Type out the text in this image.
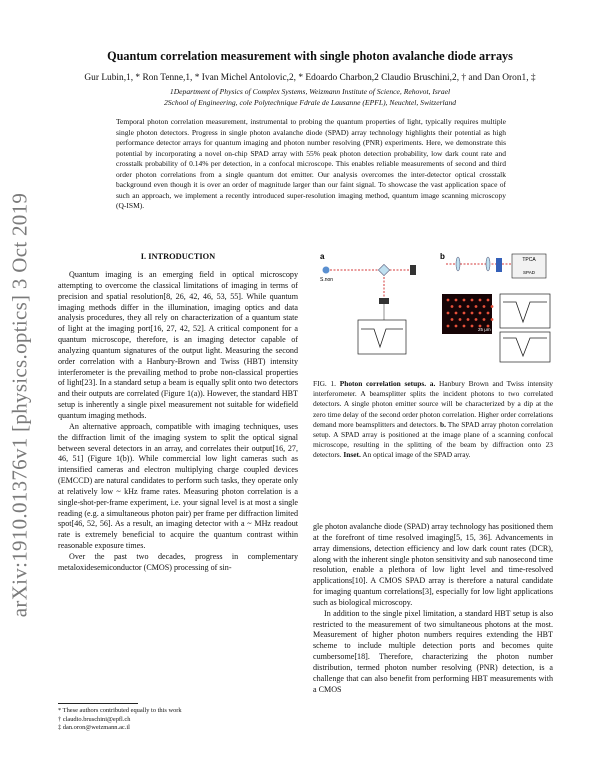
arXiv:1910.01376v1 [physics.optics] 3 Oct 2019
Quantum correlation measurement with single photon avalanche diode arrays
Gur Lubin,1, * Ron Tenne,1, * Ivan Michel Antolovic,2, * Edoardo Charbon,2 Claudio Bruschini,2, † and Dan Oron1, ‡
1Department of Physics of Complex Systems, Weizmann Institute of Science, Rehovot, Israel
2School of Engineering, cole Polytechnique Fdrale de Lausanne (EPFL), Neuchtel, Switzerland
Temporal photon correlation measurement, instrumental to probing the quantum properties of light, typically requires multiple single photon detectors. Progress in single photon avalanche diode (SPAD) array technology highlights their potential as high performance detector arrays for quantum imaging and photon number resolving (PNR) experiments. Here, we demonstrate this potential by incorporating a novel on-chip SPAD array with 55% peak photon detection probability, low dark count rate and crosstalk probability of 0.14% per detection, in a confocal microscope. This enables reliable measurements of second and third order photon correlations from a single quantum dot emitter. Our analysis overcomes the inter-detector optical crosstalk background even though it is over an order of magnitude larger than our faint signal. To showcase the vast application space of such an approach, we implement a recently introduced super-resolution imaging method, quantum image scanning microscopy (Q-ISM).
I. INTRODUCTION

Quantum imaging is an emerging field in optical microscopy attempting to overcome the classical limitations of imaging in terms of precision and spatial resolution[8, 26, 42, 46, 53, 55]. While quantum imaging methods differ in the illumination, imaging optics and data analysis procedures, they all rely on characterization of a quantum state of light at the imaging port[16, 27, 42, 52]. A critical component for a quantum microscope, therefore, is an imaging detector capable of analyzing quantum signatures of the output light. Measuring the second order correlation with a Hanbury-Brown and Twiss (HBT) intensity interferometer is the prevailing method to probe non-classical properties of light[23]. In a standard setup a beam is equally split onto two detectors and their outputs are correlated (Figure 1(a)). However, the standard HBT setup is inherently a single pixel measurement not suitable for widefield quantum imaging methods.

An alternative approach, compatible with imaging techniques, uses the diffraction limit of the imaging system to split the optical signal between several detectors in an array, and correlates their output[16, 27, 46, 51] (Figure 1(b)). While commercial low light cameras such as intensified cameras and electron multiplying charge coupled devices (EMCCD) are natural candidates to perform such tasks, they operate only at relatively low ~ kHz frame rates. Measuring photon correlation is a single-shot-per-frame experiment, i.e. your signal level is at most a single reading (e.g. a simultaneous photon pair) per frame per diffraction limited spot[46, 52, 56]. As a result, an imaging detector with a ~ MHz readout rate is extremely beneficial to acquire the quantum contrast within reasonable exposure times.

Over the past two decades, progress in complementary metaloxidesemiconductor (CMOS) processing of sin-

* These authors contributed equally to this work
† claudio.bruschini@epfl.ch
‡ dan.oron@weizmann.ac.il
a
S.non
b	TPCA
SPAD
25 μm
FIG. 1. Photon correlation setups. a. Hanbury Brown and Twiss intensity interferometer. A beamsplitter splits the incident photons to two correlated detectors. A single photon emitter source will be characterized by a dip at the zero time delay of the second order photon correlation. Higher order correlations demand more beamsplitters and detectors. b. The SPAD array photon correlation setup. A SPAD array is positioned at the image plane of a scanning confocal microscope, resulting in the splitting of the beam by diffraction onto 23 detectors. Inset. An optical image of the SPAD array.

gle photon avalanche diode (SPAD) array technology has positioned them at the forefront of time resolved imaging[5, 15, 36]. Advancements in array dimensions, detection efficiency and low dark count rates (DCR), along with the inherent single photon sensitivity and sub nanosecond time resolution, enable a plethora of low light level and time-resolved applications[10]. A CMOS SPAD array is therefore a natural candidate for imaging quantum correlations[3], especially for low light applications such as biological microscopy.

In addition to the single pixel limitation, a standard HBT setup is also restricted to the measurement of two simultaneous photons at the most. Measurement of higher photon numbers requires extending the HBT scheme to include multiple detection ports and becomes quite cumbersome[18]. Therefore, characterizing the photon number distribution, termed photon number resolving (PNR) detection, is a challenge that can also benefit from performing HBT measurements with a CMOS
